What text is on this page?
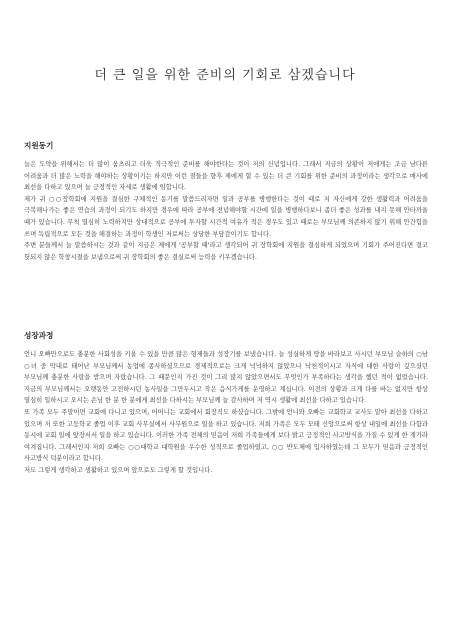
더 큰 일을 위한 준비의 기회로 삼겠습니다
지원동기

늘은 도약을 위해서는 더 많이 움츠리고 더욱 적극적인 준비를 해야한다는 것이 저의 신념입니다. 그래서 지금의 상황이 저에게는 조금 남다른 어려움과 더 많은 노력을 해야하는 상황이기는 하지만 이런 점들을 향후 제에게 할 수 있는 더 큰 기회를 위한 준비의 과정이라는 생각으로 매사에 최선을 다하고 있으며 늘 긍정적인 자세로 생활에 임합니다.

제가 귀 ○○장학회에 지원을 결심한 구체적인 동기를 말씀드리자면 일과 공부를 병행한다는 것이 때로 저 자신에게 강한 생활력과 어려움을 극복해나가는 좋은 연습의 과정이 되기도 하지만 경우에 따라 공부에 전념해야할 시간에 일을 병행하다보니 좀더 좋은 성과를 내지 못해 안타까울 때가 있습니다. 무척 열심히 노력하지만 상대적으로 공부에 투자할 시간적 여유가 적은 경우도 있고 때로는 부모님께 의존하지 않기 위해 안간힘을 쓰며 독립적으로 모든 것을 해결하는 과정이 학생인 저로써는 상당한 부담감이기도 합니다.

주변 분들께서 늘 말씀하시는 것과 같이 지금은 제에게 '공부할 때'라고 생각되어 귀 장학회에 지원을 결심하게 되었으며 기회가 주어진다면 결코 헛되지 않은 학창시절을 보냄으로써 귀 장학회의 좋은 결실로써 능력을 키우겠습니다.

성장과정

언니 오빠만으로도 충분한 사회성을 키울 수 있을 만큼 많은 형제들과 성장기를 보냈습니다. 늘 성실하게 땅을 바라보고 사시던 부모님 슬하의 ○남 ○녀 중 막내로 태어난 부모님께서 농업에 종사하셨으므로 경제적으로는 크게 넉넉하지 않았으나 낙천적이시고 자식에 대한 사랑이 깊으셨던 부모님께 충분한 사랑을 받으며 자랐습니다. 그 때문인지 가진 것이 그리 많지 않았으면서도 무엇인가 부족하다는 생각을 했던 적이 없었습니다. 지금의 부모님께서는 오랫동안 고전하시던 농사일을 그만두시고 작은 음식가게를 운영하고 계십니다. 이전의 상황과 크게 다를 바는 없지만 항상 열심히 일하시고 오시는 손님 한 분 한 분에게 최선을 다하시는 부모님께 늘 감사하며 저 역시 생활에 최선을 다하고 있습니다.

또 가족 모두 주말이면 교회에 다니고 있으며, 어머니는 교회에서 회장직도 하셨습니다. 그밖에 언니와 오빠는 교회학교 교사도 맡아 최선을 다하고 있으며 저 또한 고등학교 졸업 이후 교회 사무실에서 사무원으로 일을 하고 있습니다. 저희 가족은 모두 모태 신앙으로써 항상 내일에 최선을 다함과 동시에 교회 일에 앞장서서 일을 하고 있습니다. 이러한 가족 전체의 믿음이 저희 가족들에게 보다 밝고 긍정적인 사고방식을 가질 수 있게 한 계기라 여겨집니다. 그래서인지 저희 오빠는 ○○대학교 대학원을 우수한 성적으로 졸업하였고, ○○ 반도체에 입사하였는데 그 모두가 믿음과 긍정적인 사고방식 덕분이라고 합니다.

저도 그렇게 생각하고 생활하고 있으며 앞으로도 그렇게 할 것입니다.
